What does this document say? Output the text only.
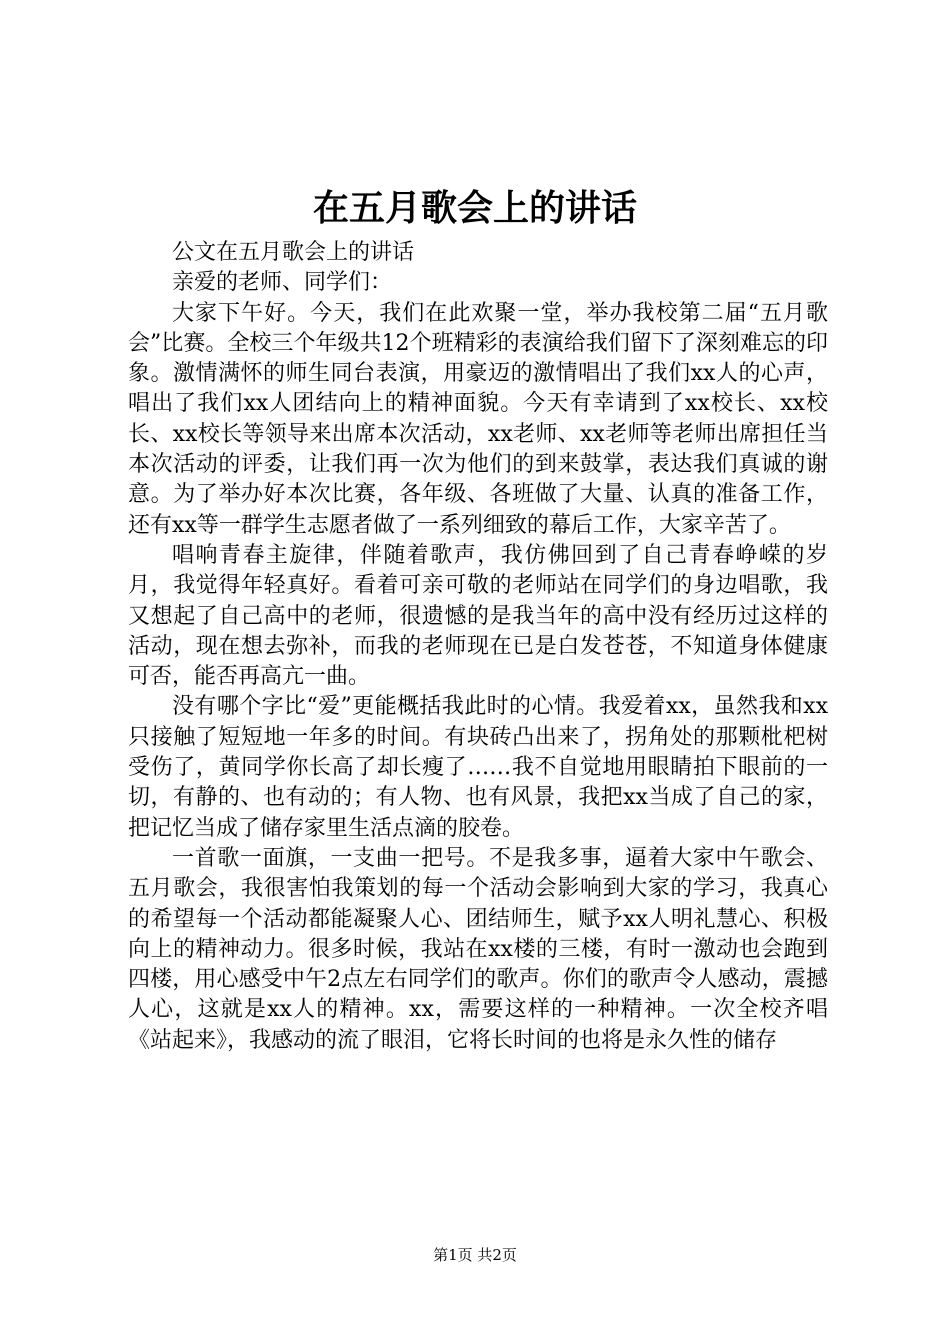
在五月歌会上的讲话

公文在五月歌会上的讲话

亲爱的老师、同学们：

大家下午好。今天，我们在此欢聚一堂，举办我校第二届“五月歌会”比赛。全校三个年级共12个班精彩的表演给我们留下了深刻难忘的印象。激情满怀的师生同台表演，用豪迈的激情唱出了我们xx人的心声，唱出了我们xx人团结向上的精神面貌。今天有幸请到了xx校长、xx校长、xx校长等领导来出席本次活动，xx老师、xx老师等老师出席担任当本次活动的评委，让我们再一次为他们的到来鼓掌，表达我们真诚的谢意。为了举办好本次比赛，各年级、各班做了大量、认真的准备工作，还有xx等一群学生志愿者做了一系列细致的幕后工作，大家辛苦了。

唱响青春主旋律，伴随着歌声，我仿佛回到了自己青春峥嵘的岁月，我觉得年轻真好。看着可亲可敬的老师站在同学们的身边唱歌，我又想起了自己高中的老师，很遗憾的是我当年的高中没有经历过这样的活动，现在想去弥补，而我的老师现在已是白发苍苍，不知道身体健康可否，能否再高亢一曲。

没有哪个字比“爱”更能概括我此时的心情。我爱着xx，虽然我和xx只接触了短短地一年多的时间。有块砖凸出来了，拐角处的那颗枇杷树受伤了，黄同学你长高了却长瘦了……我不自觉地用眼睛拍下眼前的一切，有静的、也有动的；有人物、也有风景，我把xx当成了自己的家，把记忆当成了储存家里生活点滴的胶卷。

一首歌一面旗，一支曲一把号。不是我多事，逼着大家中午歌会、五月歌会，我很害怕我策划的每一个活动会影响到大家的学习，我真心的希望每一个活动都能凝聚人心、团结师生，赋予xx人明礼慧心、积极向上的精神动力。很多时候，我站在xx楼的三楼，有时一激动也会跑到四楼，用心感受中午2点左右同学们的歌声。你们的歌声令人感动，震撼人心，这就是xx人的精神。xx，需要这样的一种精神。一次全校齐唱《站起来》，我感动的流了眼泪，它将长时间的也将是永久性的储存

第1页 共2页
